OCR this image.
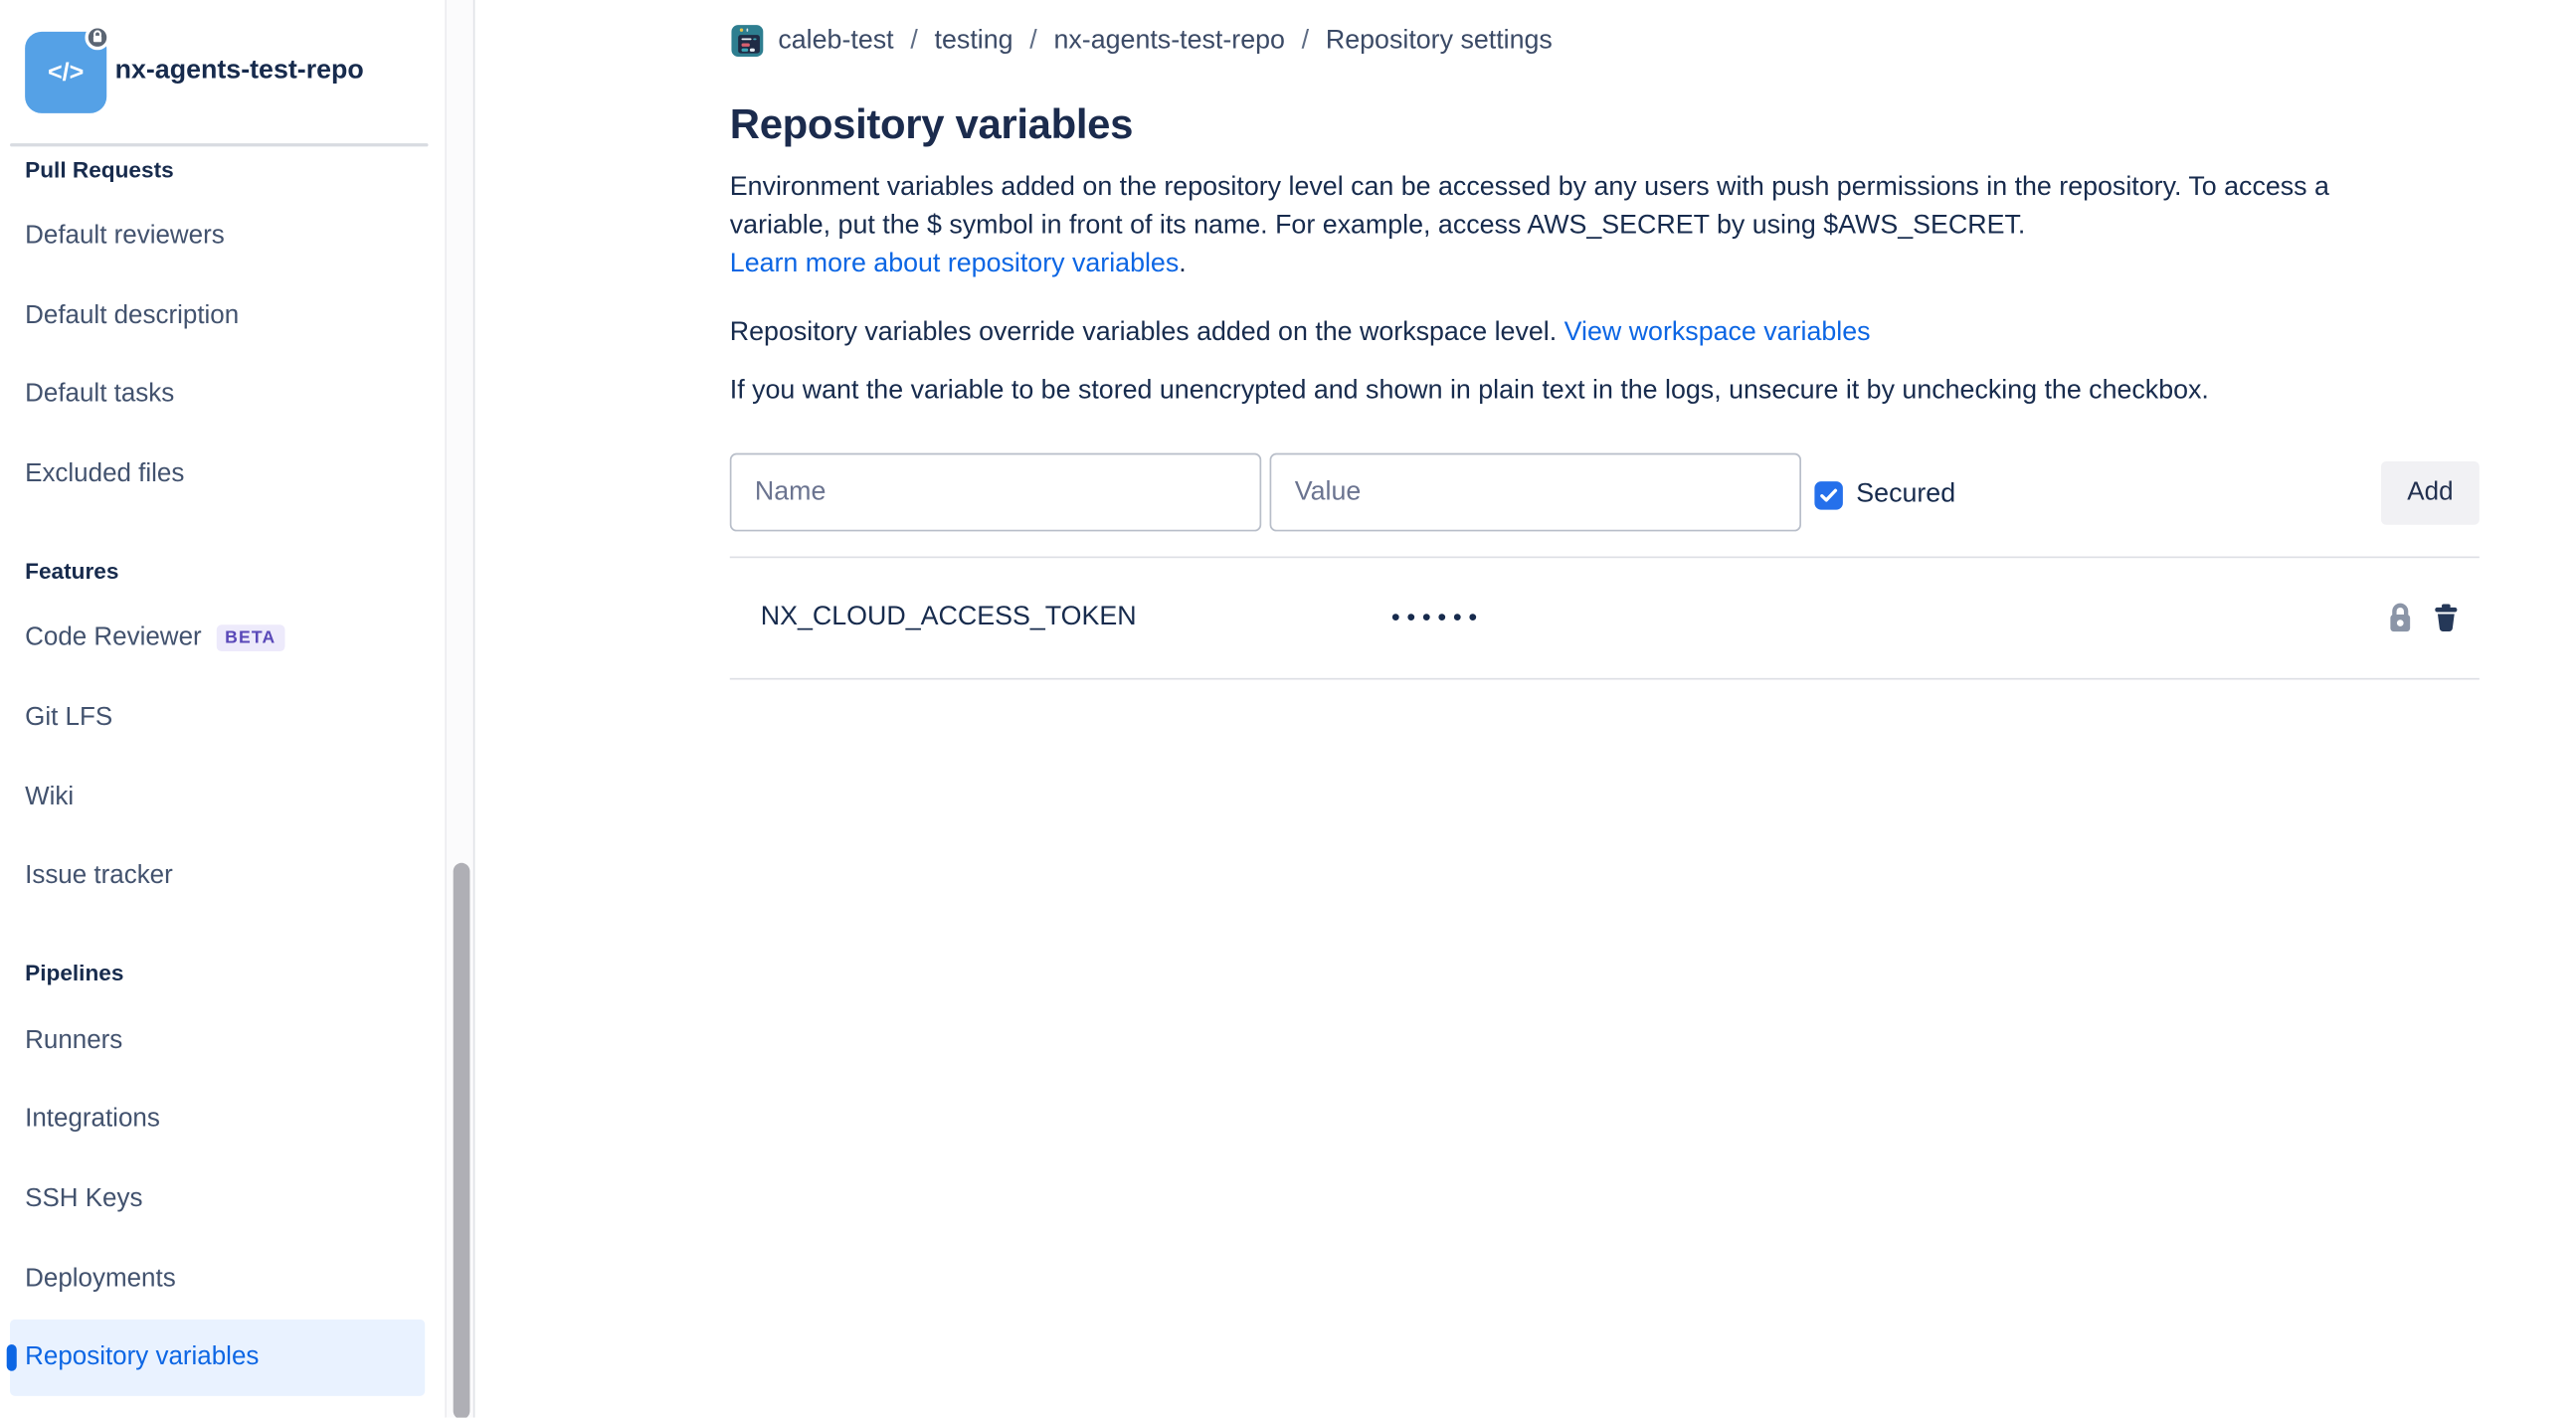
</> nx-agents-test-repo
Pull Requests
Default reviewers
Default description
Default tasks
Excluded files
Features
Code Reviewer	BETA
Git LFS
Wiki
Issue tracker
Pipelines
Runners
Integrations
SSH Keys
Deployments
Repository variables
caleb-test / testing / nx-agents-test-repo / Repository settings
Repository variables
Environment variables added on the repository level can be accessed by any users with push permissions in the repository. To access a
variable, put the $ symbol in front of its name. For example, access AWS_SECRET by using $AWS_SECRET.
Learn more about repository variables.
Repository variables override variables added on the workspace level. View workspace variables
If you want the variable to be stored unencrypted and shown in plain text in the logs, unsecure it by unchecking the checkbox.
Name
Value
Secured	Add
NX_CLOUD_ACCESS_TOKEN	••••••
